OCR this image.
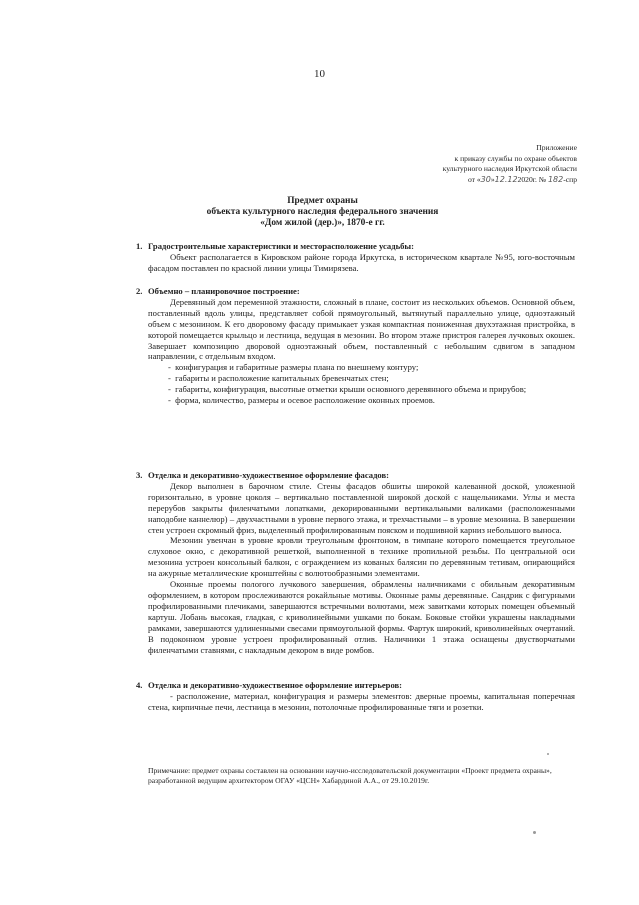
10
Приложение
к приказу службы по охране объектов
культурного наследия Иркутской области
от «30»12.122020г. № 182-спр
Предмет охраны
объекта культурного наследия федерального значения
«Дом жилой (дер.)», 1870-е гг.
1. Градостроительные характеристики и месторасположение усадьбы:

Объект располагается в Кировском районе города Иркутска, в историческом квартале №95, юго-восточным фасадом поставлен по красной линии улицы Тимирязева.

2. Объемно – планировочное построение:

Деревянный дом переменной этажности, сложный в плане, состоит из нескольких объемов. Основной объем, поставленный вдоль улицы, представляет собой прямоугольный, вытянутый параллельно улице, одноэтажный объем с мезонином. К его дворовому фасаду примыкает узкая компактная пониженная двухэтажная пристройка, в которой помещается крыльцо и лестница, ведущая в мезонин. Во втором этаже пристроя галерея лучковых окошек. Завершает композицию дворовой одноэтажный объем, поставленный с небольшим сдвигом в западном направлении, с отдельным входом.

-  конфигурация и габаритные размеры плана по внешнему контуру;

-  габариты и расположение капитальных бревенчатых стен;

-  габариты, конфигурация, высотные отметки крыши основного деревянного объема и прирубов;

-  форма, количество, размеры и осевое расположение оконных проемов.

3. Отделка и декоративно-художественное оформление фасадов:

Декор выполнен в барочном стиле. Стены фасадов обшиты широкой калеванной доской, уложенной горизонтально, в уровне цоколя – вертикально поставленной широкой доской с нащельниками. Углы и места перерубов закрыты филенчатыми лопатками, декорированными вертикальными валиками (расположенными наподобие каннелюр) – двухчастными в уровне первого этажа, и трехчастными – в уровне мезонина. В завершении стен устроен скромный фриз, выделенный профилированным пояском и подшивной карниз небольшого выноса.

Мезонин увенчан в уровне кровли треугольным фронтоном, в тимпане которого помещается треугольное слуховое окно, с декоративной решеткой, выполненной в технике пропильной резьбы. По центральной оси мезонина устроен консольный балкон, с ограждением из кованых балясин по деревянным тетивам, опирающийся на ажурные металлические кронштейны с волютообразными элементами.

Оконные проемы пологого лучкового завершения, обрамлены наличниками с обильным декоративным оформлением, в котором прослеживаются рокайльные мотивы. Оконные рамы деревянные. Сандрик с фигурными профилированными плечиками, завершаются встречными волютами, меж завитками которых помещен объемный картуш. Лобань высокая, гладкая, с криволинейными ушками по бокам. Боковые стойки украшены накладными рамками, завершаются удлиненными свесами прямоугольной формы. Фартук широкий, криволинейных очертаний. В подоконном уровне устроен профилированный отлив. Наличники 1 этажа оснащены двустворчатыми филенчатыми ставнями, с накладным декором в виде ромбов.

4. Отделка и декоративно-художественное оформление интерьеров:

- расположение, материал, конфигурация и размеры элементов: дверные проемы, капитальная поперечная стена, кирпичные печи, лестница в мезонин, потолочные профилированные тяги и розетки.

Примечание: предмет охраны составлен на основании научно-исследовательской документации «Проект предмета охраны», разработанной ведущим архитектором ОГАУ «ЦСН» Хабардиной А.А., от 29.10.2019г.
